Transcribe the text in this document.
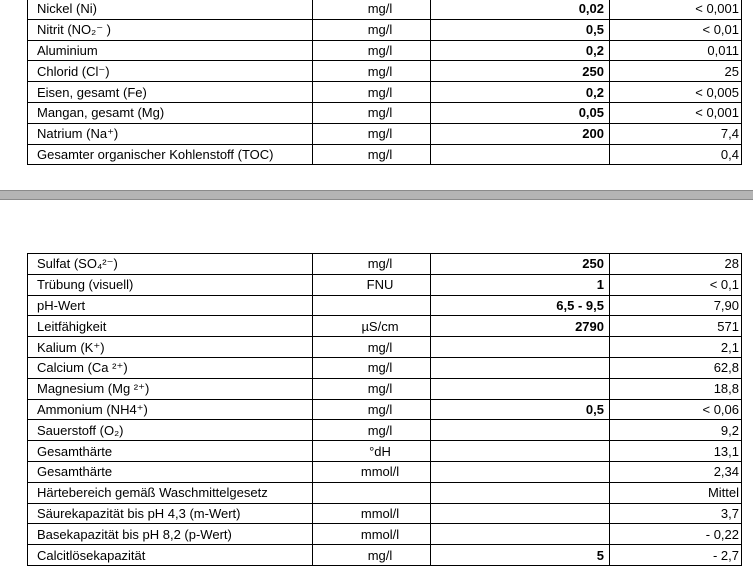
Nickel (Ni)	mg/l	0,02	< 0,001
Nitrit (NO₂⁻ )	mg/l	0,5	< 0,01
Aluminium	mg/l	0,2	0,011
Chlorid (Cl⁻)	mg/l	250	25
Eisen, gesamt (Fe)	mg/l	0,2	< 0,005
Mangan, gesamt (Mg)	mg/l	0,05	< 0,001
Natrium (Na⁺)	mg/l	200	7,4
Gesamter organischer Kohlenstoff (TOC)	mg/l		0,4
Sulfat (SO₄²⁻)	mg/l	250	28
Trübung (visuell)	FNU	1	< 0,1
pH-Wert		6,5 - 9,5	7,90
Leitfähigkeit	µS/cm	2790	571
Kalium (K⁺)	mg/l		2,1
Calcium (Ca ²⁺)	mg/l		62,8
Magnesium (Mg ²⁺)	mg/l		18,8
Ammonium (NH4⁺)	mg/l	0,5	< 0,06
Sauerstoff (O₂)	mg/l		9,2
Gesamthärte	°dH		13,1
Gesamthärte	mmol/l		2,34
Härtebereich gemäß Waschmittelgesetz			Mittel
Säurekapazität bis pH 4,3 (m-Wert)	mmol/l		3,7
Basekapazität bis pH 8,2 (p-Wert)	mmol/l		- 0,22
Calcitlösekapazität	mg/l	5	- 2,7
